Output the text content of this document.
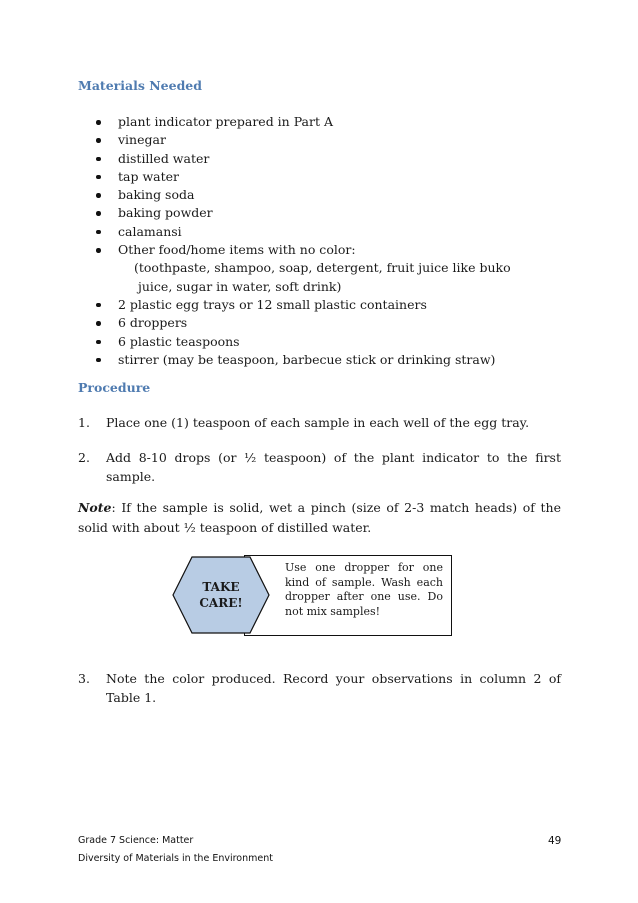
Materials Needed
plant indicator prepared in Part A
vinegar
distilled water
tap water
baking soda
baking powder
calamansi
Other food/home items with no color:
(toothpaste, shampoo, soap, detergent, fruit juice like buko
juice, sugar in water, soft drink)
2 plastic egg trays or 12 small plastic containers
6 droppers
6 plastic teaspoons
stirrer (may be teaspoon, barbecue stick or drinking straw)
Procedure
1. Place one (1) teaspoon of each sample in each well of the egg tray.
2. Add 8-10 drops (or ½ teaspoon) of the plant indicator to the first sample.
Note: If the sample is solid, wet a pinch (size of 2-3 match heads) of the solid with about ½ teaspoon of distilled water.
TAKE
CARE!
Use one dropper for one kind of sample. Wash each dropper after one use. Do not mix samples!
3. Note the color produced. Record your observations in column 2 of Table 1.
Grade 7 Science: Matter
Diversity of Materials in the Environment
49
